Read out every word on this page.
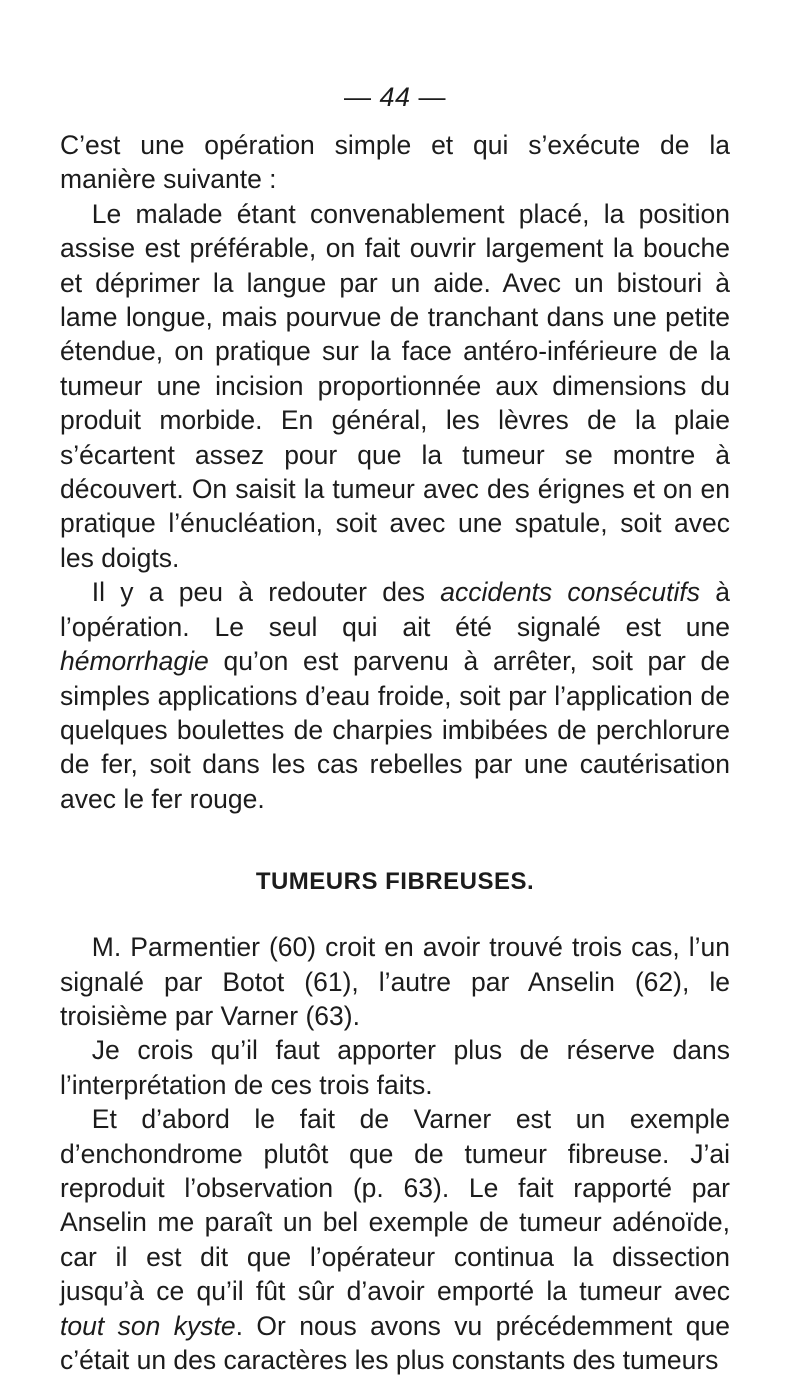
— 44 —

C’est une opération simple et qui s’exécute de la manière suivante :

Le malade étant convenablement placé, la position assise est préférable, on fait ouvrir largement la bouche et déprimer la langue par un aide. Avec un bistouri à lame longue, mais pourvue de tranchant dans une petite étendue, on pratique sur la face antéro-inférieure de la tumeur une incision proportionnée aux dimensions du produit morbide. En général, les lèvres de la plaie s’écartent assez pour que la tumeur se montre à découvert. On saisit la tumeur avec des érignes et on en pratique l’énucléation, soit avec une spatule, soit avec les doigts.

Il y a peu à redouter des accidents consécutifs à l’opération. Le seul qui ait été signalé est une hémorrhagie qu’on est parvenu à arrêter, soit par de simples applications d’eau froide, soit par l’application de quelques boulettes de charpies imbibées de perchlorure de fer, soit dans les cas rebelles par une cautérisation avec le fer rouge.

TUMEURS FIBREUSES.

M. Parmentier (60) croit en avoir trouvé trois cas, l’un signalé par Botot (61), l’autre par Anselin (62), le troisième par Varner (63).

Je crois qu’il faut apporter plus de réserve dans l’interprétation de ces trois faits.

Et d’abord le fait de Varner est un exemple d’enchondrome plutôt que de tumeur fibreuse. J’ai reproduit l’observation (p. 63). Le fait rapporté par Anselin me paraît un bel exemple de tumeur adénoïde, car il est dit que l’opérateur continua la dissection jusqu’à ce qu’il fût sûr d’avoir emporté la tumeur avec tout son kyste. Or nous avons vu précédemment que c’était un des caractères les plus constants des tumeurs
